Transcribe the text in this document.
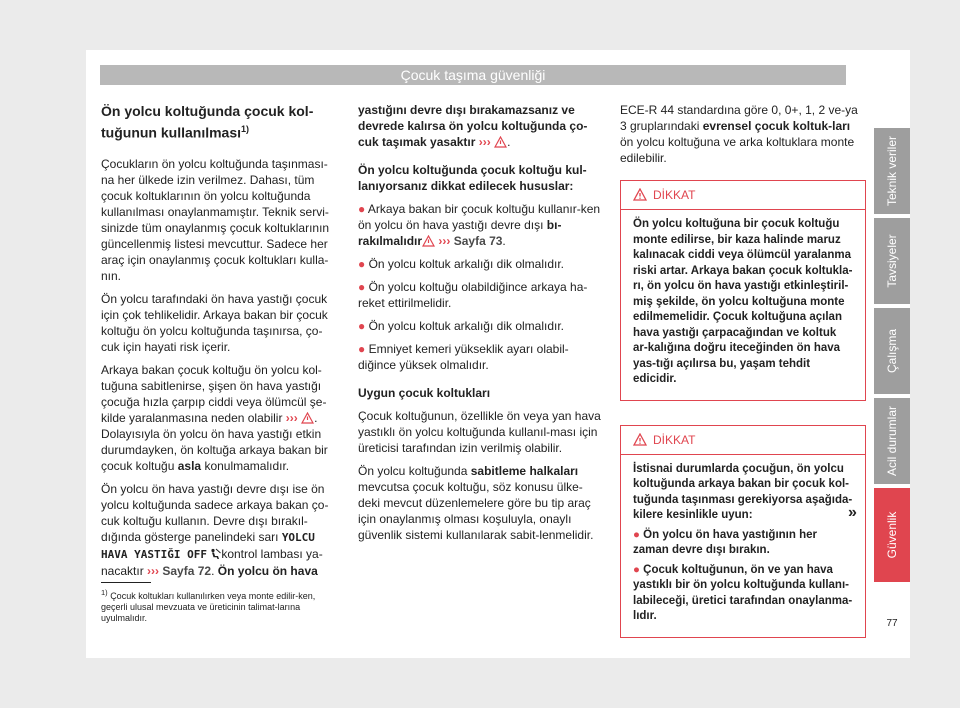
Çocuk taşıma güvenliği
Ön yolcu koltuğunda çocuk kol-tuğunun kullanılması$^{1)}$

Çocukların ön yolcu koltuğunda taşınması-na her ülkede izin verilmez. Dahası, tüm çocuk koltuklarının ön yolcu koltuğunda kullanılması onaylanmamıştır. Teknik servi-sinizde tüm onaylanmış çocuk koltuklarının güncellenmiş listesi mevcuttur. Sadece her araç için onaylanmış çocuk koltukları kulla-nın.

Ön yolcu tarafındaki ön hava yastığı çocuk için çok tehlikelidir. Arkaya bakan bir çocuk koltuğu ön yolcu koltuğunda taşınırsa, ço-cuk için hayati risk içerir.

Arkaya bakan çocuk koltuğu ön yolcu kol-tuğuna sabitlenirse, şişen ön hava yastığı çocuğa hızla çarpıp ciddi veya ölümcül şe-kilde yaralanmasına neden olabilir ››› .

Dolayısıyla ön yolcu ön hava yastığı etkin durumdayken, ön koltuğa arkaya bakan bir çocuk koltuğu asla konulmamalıdır.

Ön yolcu ön hava yastığı devre dışı ise ön yolcu koltuğunda sadece arkaya bakan ço-cuk koltuğu kullanın. Devre dışı bırakıl-dığında gösterge panelindeki sarı YOLCU HAVA YASTIĞI OFF kontrol lambası ya-nacaktır ››› Sayfa 72. Ön yolcu ön hava

yastığını devre dışı bırakamazsanız ve devrede kalırsa ön yolcu koltuğunda ço-cuk taşımak yasaktır ››› .

Ön yolcu koltuğunda çocuk koltuğu kul-lanıyorsanız dikkat edilecek hususlar:

● Arkaya bakan bir çocuk koltuğu kullanır-ken ön yolcu ön hava yastığı devre dışı bı-rakılmalıdır ››› Sayfa 73.

● Ön yolcu koltuk arkalığı dik olmalıdır.

● Ön yolcu koltuğu olabildiğince arkaya ha-reket ettirilmelidir.

● Ön yolcu koltuk arkalığı dik olmalıdır.

● Emniyet kemeri yükseklik ayarı olabil-diğince yüksek olmalıdır.

Uygun çocuk koltukları

Çocuk koltuğunun, özellikle ön veya yan hava yastıklı ön yolcu koltuğunda kullanıl-ması için üreticisi tarafından izin verilmiş olabilir.

Ön yolcu koltuğunda sabitleme halkaları mevcutsa çocuk koltuğu, söz konusu ülke-deki mevcut düzenlemelere göre bu tip araç için onaylanmış olması koşuluyla, onaylı güvenlik sistemi kullanılarak sabit-lenmelidir.

ECE-R 44 standardına göre 0, 0+, 1, 2 ve-ya 3 gruplarındaki evrensel çocuk koltuk-ları ön yolcu koltuğuna ve arka koltuklara monte edilebilir.

DİKKAT

Ön yolcu koltuğuna bir çocuk koltuğu monte edilirse, bir kaza halinde maruz kalınacak ciddi veya ölümcül yaralanma riski artar. Arkaya bakan çocuk koltukla-rı, ön yolcu ön hava yastığı etkinleştiril-miş şekilde, ön yolcu koltuğuna monte edilmemelidir. Çocuk koltuğuna açılan hava yastığı çarpacağından ve koltuk ar-kalığına doğru iteceğinden ön hava yas-tığı açılırsa bu, yaşam tehdit edicidir.

DİKKAT

İstisnai durumlarda çocuğun, ön yolcu koltuğunda arkaya bakan bir çocuk kol-tuğunda taşınması gerekiyorsa aşağıda-kilere kesinlikle uyun:

● Ön yolcu ön hava yastığının her zaman devre dışı bırakın.

● Çocuk koltuğunun, ön ve yan hava yastıklı bir ön yolcu koltuğunda kullanı-labileceği, üretici tarafından onaylanma-lıdır.

»
Teknik veriler
Tavsiyeler
Çalışma
Acil durumlar
Güvenlik
$^{1)}$ Çocuk koltukları kullanılırken veya monte edilir-ken, geçerli ulusal mevzuata ve üreticinin talimat-larına uyulmalıdır.	77
